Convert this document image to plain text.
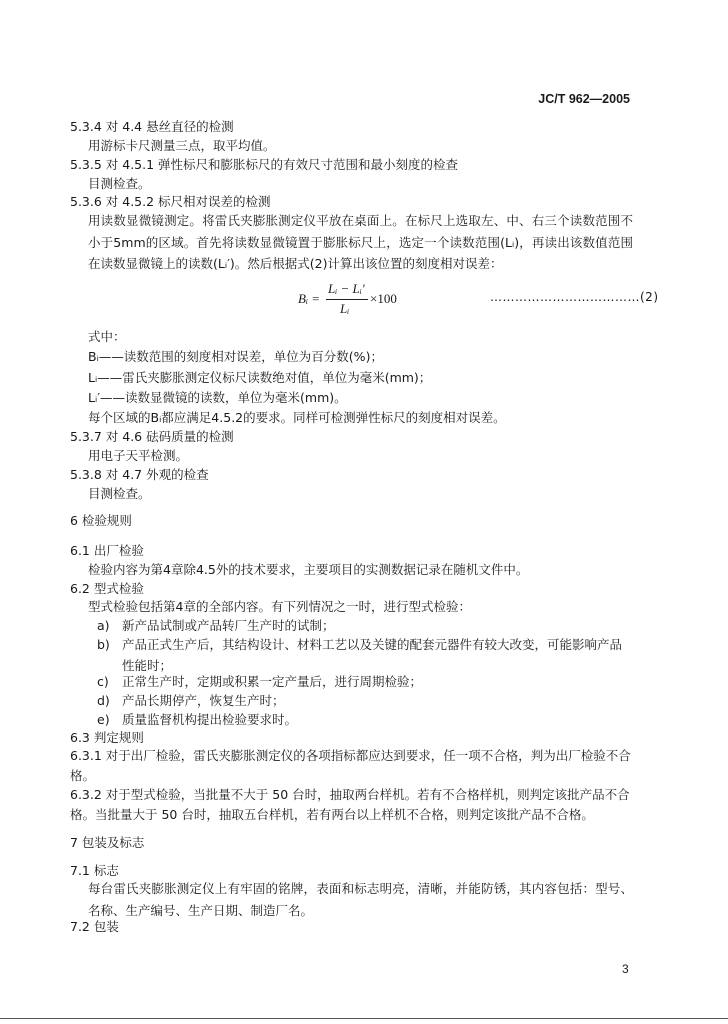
JC/T 962—2005
5.3.4 对 4.4 悬丝直径的检测
用游标卡尺测量三点，取平均值。
5.3.5 对 4.5.1 弹性标尺和膨胀标尺的有效尺寸范围和最小刻度的检查
目测检查。
5.3.6 对 4.5.2 标尺相对误差的检测
用读数显微镜测定。将雷氏夹膨胀测定仪平放在桌面上。在标尺上选取左、中、右三个读数范围不小于5mm的区域。首先将读数显微镜置于膨胀标尺上，选定一个读数范围(Lᵢ)，再读出该数值范围在读数显微镜上的读数(Lᵢ′)。然后根据式(2)计算出该位置的刻度相对误差：
Bᵢ =
Lᵢ − Lᵢ′
Lᵢ
×100	………………………………(2)
式中：
Bᵢ——读数范围的刻度相对误差，单位为百分数(%)；
Lᵢ——雷氏夹膨胀测定仪标尺读数绝对值，单位为毫米(mm)；
Lᵢ′——读数显微镜的读数，单位为毫米(mm)。
每个区域的Bᵢ都应满足4.5.2的要求。同样可检测弹性标尺的刻度相对误差。
5.3.7 对 4.6 砝码质量的检测
用电子天平检测。
5.3.8 对 4.7 外观的检查
目测检查。
6 检验规则
6.1 出厂检验
检验内容为第4章除4.5外的技术要求，主要项目的实测数据记录在随机文件中。
6.2 型式检验
型式检验包括第4章的全部内容。有下列情况之一时，进行型式检验：
a) 新产品试制或产品转厂生产时的试制；
b) 产品正式生产后，其结构设计、材料工艺以及关键的配套元器件有较大改变，可能影响产品性能时；
c) 正常生产时，定期或积累一定产量后，进行周期检验；
d) 产品长期停产，恢复生产时；
e) 质量监督机构提出检验要求时。
6.3 判定规则
6.3.1 对于出厂检验，雷氏夹膨胀测定仪的各项指标都应达到要求，任一项不合格，判为出厂检验不合格。
6.3.2 对于型式检验，当批量不大于 50 台时，抽取两台样机。若有不合格样机，则判定该批产品不合格。当批量大于 50 台时，抽取五台样机，若有两台以上样机不合格，则判定该批产品不合格。
7 包装及标志
7.1 标志
每台雷氏夹膨胀测定仪上有牢固的铭牌，表面和标志明亮，清晰，并能防锈，其内容包括：型号、名称、生产编号、生产日期、制造厂名。
7.2 包装
3
